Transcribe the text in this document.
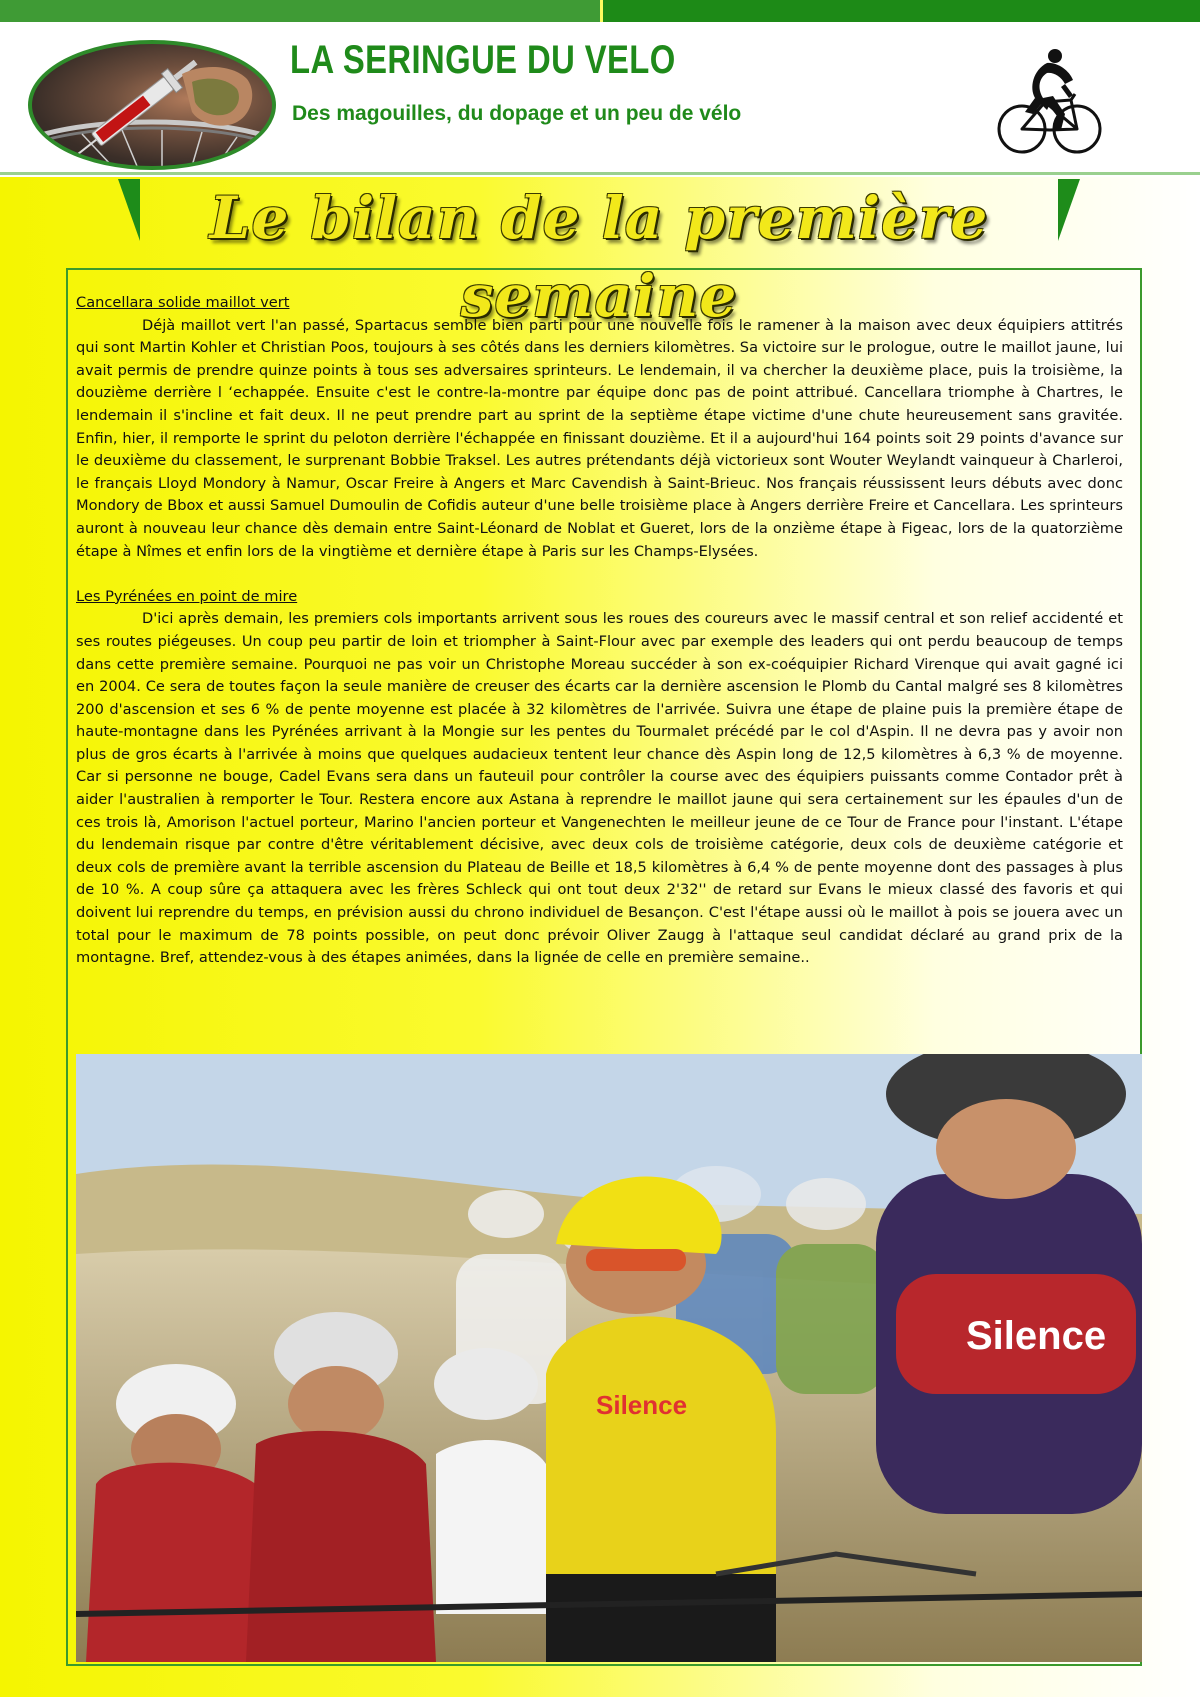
LA SERINGUE DU VELO

Des magouilles, du dopage et un peu de vélo

Le bilan de la première semaine

Cancellara solide maillot vert

Déjà maillot vert l'an passé, Spartacus semble bien parti pour une nouvelle fois le ramener à la maison avec deux équipiers attitrés qui sont Martin Kohler et Christian Poos, toujours à ses côtés dans les derniers kilomètres. Sa victoire sur le prologue, outre le maillot jaune, lui avait permis de prendre quinze points à tous ses adversaires sprinteurs. Le lendemain, il va chercher la deuxième place, puis la troisième, la douzième derrière l ‘echappée. Ensuite c'est le contre-la-montre par équipe donc pas de point attribué. Cancellara triomphe à Chartres, le lendemain il s'incline et fait deux. Il ne peut prendre part au sprint de la septième étape victime d'une chute heureusement sans gravitée. Enfin, hier, il remporte le sprint du peloton derrière l'échappée en finissant douzième. Et il a aujourd'hui 164 points soit 29 points d'avance sur le deuxième du classement, le surprenant Bobbie Traksel. Les autres prétendants déjà victorieux sont Wouter Weylandt vainqueur à Charleroi, le français Lloyd Mondory à Namur, Oscar Freire à Angers et Marc Cavendish à Saint-Brieuc. Nos français réussissent leurs débuts avec donc Mondory de Bbox et aussi Samuel Dumoulin de Cofidis auteur d'une belle troisième place à Angers derrière Freire et Cancellara. Les sprinteurs auront à nouveau leur chance dès demain entre Saint-Léonard de Noblat et Gueret, lors de la onzième étape à Figeac, lors de la quatorzième étape à Nîmes et enfin lors de la vingtième et dernière étape à Paris sur les Champs-Elysées.

Les Pyrénées en point de mire

D'ici après demain, les premiers cols importants arrivent sous les roues des coureurs avec le massif central et son relief accidenté et ses routes piégeuses. Un coup peu partir de loin et triompher à Saint-Flour avec par exemple des leaders qui ont perdu beaucoup de temps dans cette première semaine. Pourquoi ne pas voir un Christophe Moreau succéder à son ex-coéquipier Richard Virenque qui avait gagné ici en 2004. Ce sera de toutes façon la seule manière de creuser des écarts car la dernière ascension le Plomb du Cantal malgré ses 8 kilomètres 200 d'ascension et ses 6 % de pente moyenne est placée à 32 kilomètres de l'arrivée. Suivra une étape de plaine puis la première étape de haute-montagne dans les Pyrénées arrivant à la Mongie sur les pentes du Tourmalet précédé par le col d'Aspin. Il ne devra pas y avoir non plus de gros écarts à l'arrivée à moins que quelques audacieux tentent leur chance dès Aspin long de 12,5 kilomètres à 6,3 % de moyenne. Car si personne ne bouge, Cadel Evans sera dans un fauteuil pour contrôler la course avec des équipiers puissants comme Contador prêt à aider l'australien à remporter le Tour. Restera encore aux Astana à reprendre le maillot jaune qui sera certainement sur les épaules d'un de ces trois là, Amorison l'actuel porteur, Marino l'ancien porteur et Vangenechten le meilleur jeune de ce Tour de France pour l'instant. L'étape du lendemain risque par contre d'être véritablement décisive, avec deux cols de troisième catégorie, deux cols de deuxième catégorie et deux cols de première avant la terrible ascension du Plateau de Beille et 18,5 kilomètres à 6,4 % de pente moyenne dont des passages à plus de 10 %. A coup sûre ça attaquera avec les frères Schleck qui ont tout deux 2'32'' de retard sur Evans le mieux classé des favoris et qui doivent lui reprendre du temps, en prévision aussi du chrono individuel de Besançon. C'est l'étape aussi où le maillot à pois se jouera avec un total pour le maximum de 78 points possible, on peut donc prévoir Oliver Zaugg à l'attaque seul candidat déclaré au grand prix de la montagne. Bref, attendez-vous à des étapes animées, dans la lignée de celle en première semaine..

Silence
Silence
